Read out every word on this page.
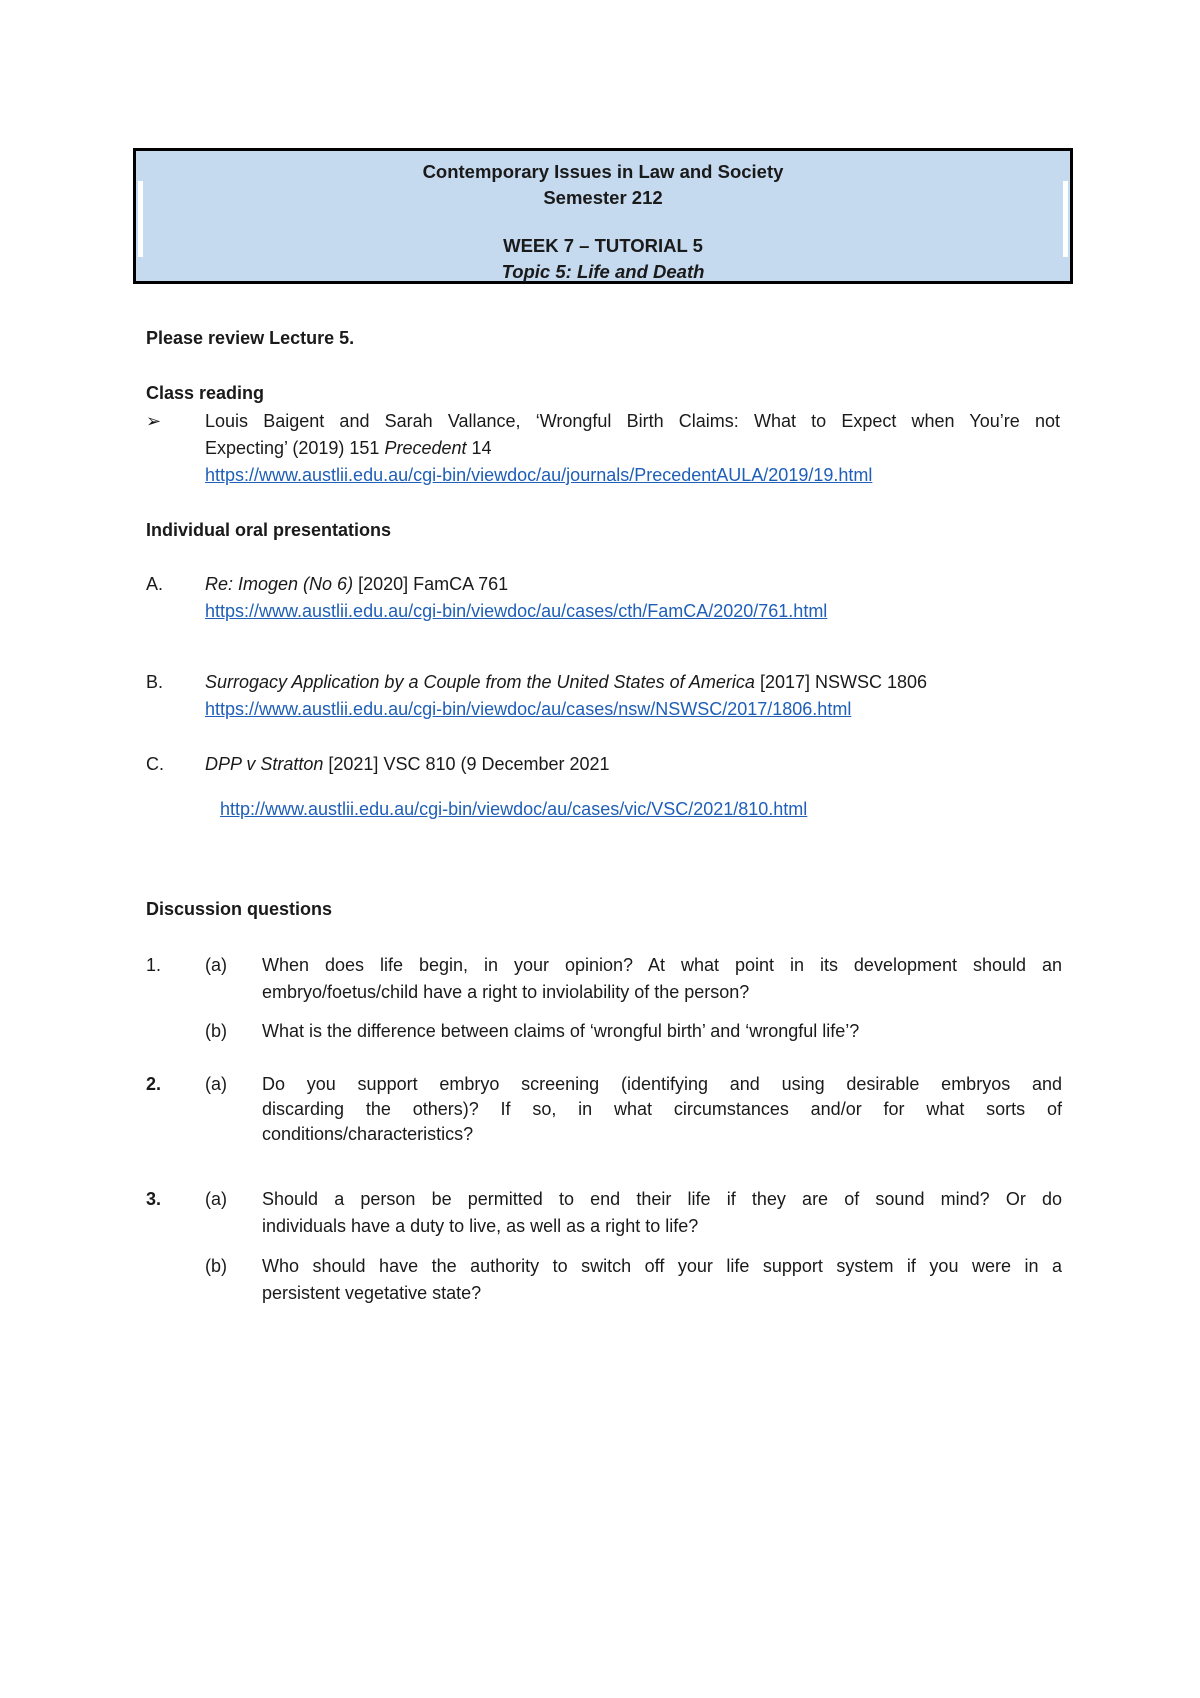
Contemporary Issues in Law and Society
Semester 212
WEEK 7 – TUTORIAL 5
Topic 5: Life and Death
Please review Lecture 5.
Class reading
➢ Louis Baigent and Sarah Vallance, ‘Wrongful Birth Claims: What to Expect when You’re not
Expecting’ (2019) 151 Precedent 14
https://www.austlii.edu.au/cgi-bin/viewdoc/au/journals/PrecedentAULA/2019/19.html
Individual oral presentations
A. Re: Imogen (No 6) [2020] FamCA 761
https://www.austlii.edu.au/cgi-bin/viewdoc/au/cases/cth/FamCA/2020/761.html
B. Surrogacy Application by a Couple from the United States of America [2017] NSWSC 1806
https://www.austlii.edu.au/cgi-bin/viewdoc/au/cases/nsw/NSWSC/2017/1806.html
C. DPP v Stratton [2021] VSC 810 (9 December 2021
http://www.austlii.edu.au/cgi-bin/viewdoc/au/cases/vic/VSC/2021/810.html
Discussion questions
1. (a) When does life begin, in your opinion? At what point in its development should an
embryo/foetus/child have a right to inviolability of the person?
(b) What is the difference between claims of ‘wrongful birth’ and ‘wrongful life’?
2. (a) Do you support embryo screening (identifying and using desirable embryos and
discarding the others)? If so, in what circumstances and/or for what sorts of
conditions/characteristics?
3. (a) Should a person be permitted to end their life if they are of sound mind? Or do
individuals have a duty to live, as well as a right to life?
(b) Who should have the authority to switch off your life support system if you were in a
persistent vegetative state?
